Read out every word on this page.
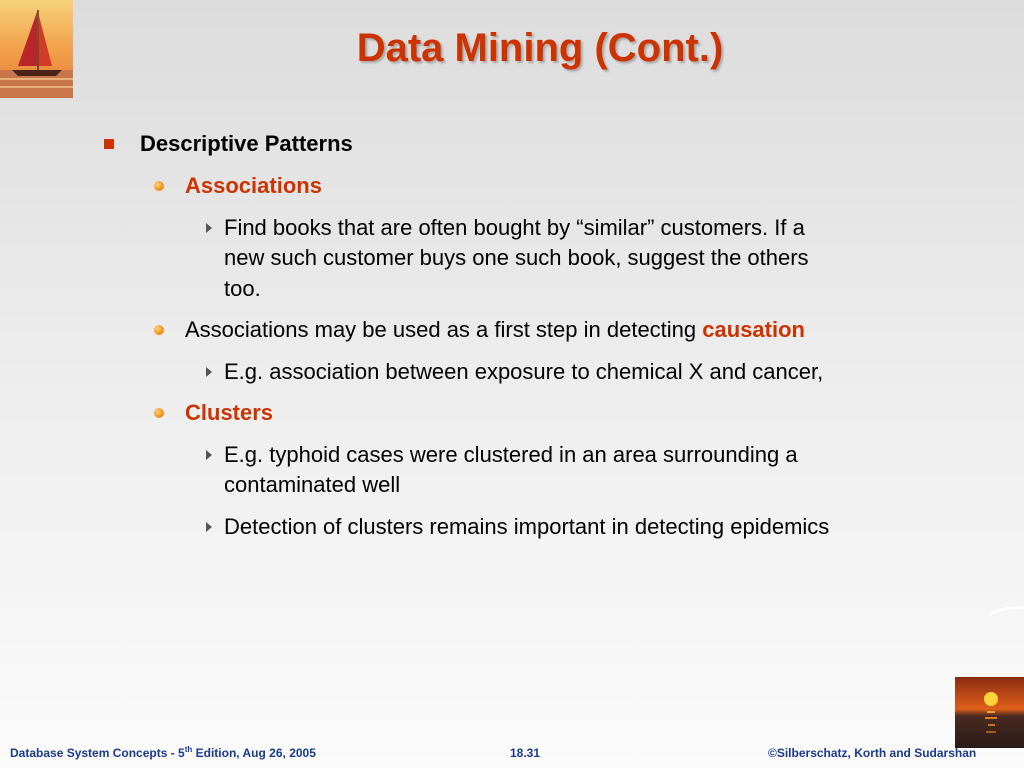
Data Mining (Cont.)
Descriptive Patterns
Associations
Find books that are often bought by “similar” customers. If a
new such customer buys one such book, suggest the others
too.
Associations may be used as a first step in detecting causation
E.g. association between exposure to chemical X and cancer,
Clusters
E.g. typhoid cases were clustered in an area surrounding a
contaminated well
Detection of clusters remains important in detecting epidemics
Database System Concepts - 5th Edition, Aug 26, 2005	18.31	©Silberschatz, Korth and Sudarshan
